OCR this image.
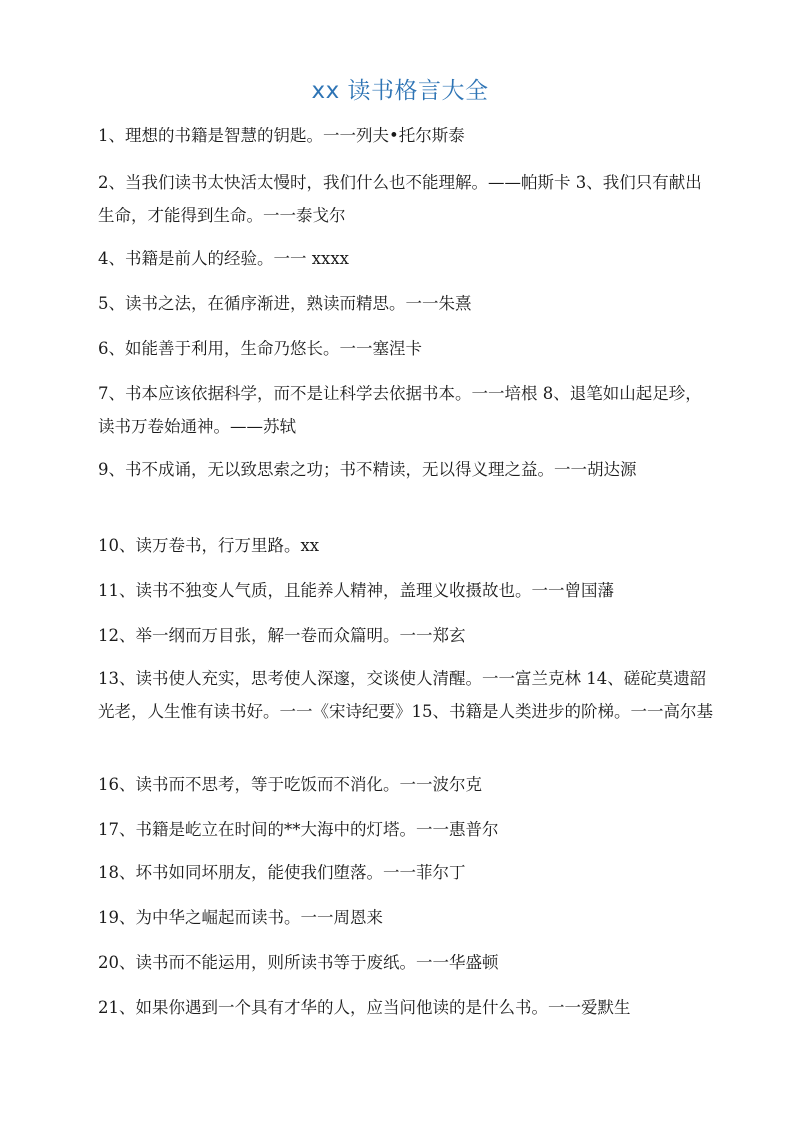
xx 读书格言大全
1、理想的书籍是智慧的钥匙。一一列夫•托尔斯泰
2、当我们读书太快活太慢时，我们什么也不能理解。——帕斯卡 3、我们只有献出生命，才能得到生命。一一泰戈尔
4、书籍是前人的经验。一一 xxxx
5、读书之法，在循序渐进，熟读而精思。一一朱熹
6、如能善于利用，生命乃悠长。一一塞涅卡
7、书本应该依据科学，而不是让科学去依据书本。一一培根 8、退笔如山起足珍，读书万卷始通神。——苏轼
9、书不成诵，无以致思索之功；书不精读，无以得义理之益。一一胡达源
10、读万卷书，行万里路。xx
11、读书不独变人气质，且能养人精神，盖理义收摄故也。一一曾国藩
12、举一纲而万目张，解一卷而众篇明。一一郑玄
13、读书使人充实，思考使人深邃，交谈使人清醒。一一富兰克林 14、磋砣莫遗韶光老，人生惟有读书好。一一《宋诗纪要》15、书籍是人类进步的阶梯。一一高尔基
16、读书而不思考，等于吃饭而不消化。一一波尔克
17、书籍是屹立在时间的**大海中的灯塔。一一惠普尔
18、坏书如同坏朋友，能使我们堕落。一一菲尔丁
19、为中华之崛起而读书。一一周恩来
20、读书而不能运用，则所读书等于废纸。一一华盛顿
21、如果你遇到一个具有才华的人，应当问他读的是什么书。一一爱默生
